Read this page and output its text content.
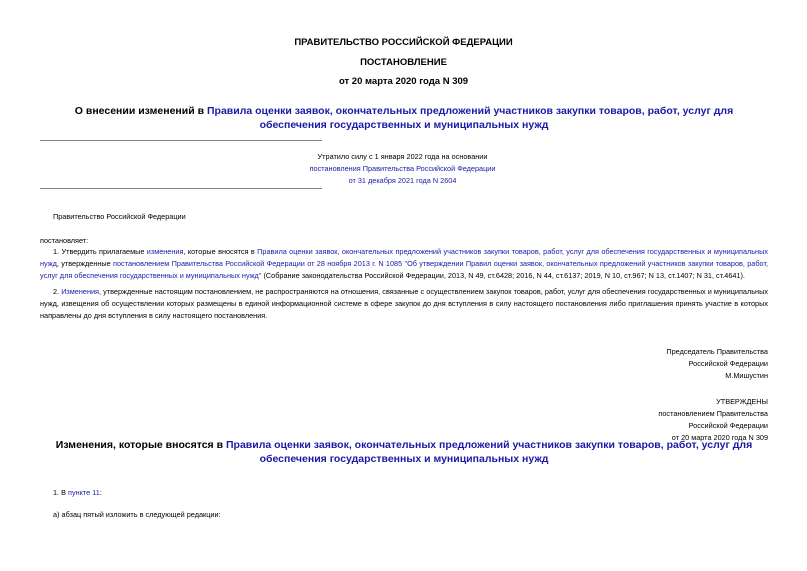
ПРАВИТЕЛЬСТВО РОССИЙСКОЙ ФЕДЕРАЦИИ
ПОСТАНОВЛЕНИЕ
от 20 марта 2020 года N 309
О внесении изменений в Правила оценки заявок, окончательных предложений участников закупки товаров, работ, услуг для обеспечения государственных и муниципальных нужд
Утратило силу с 1 января 2022 года на основании
постановления Правительства Российской Федерации
от 31 декабря 2021 года N 2604
Правительство Российской Федерации
постановляет:
1. Утвердить прилагаемые изменения, которые вносятся в Правила оценки заявок, окончательных предложений участников закупки товаров, работ, услуг для обеспечения государственных и муниципальных нужд, утвержденные постановлением Правительства Российской Федерации от 28 ноября 2013 г. N 1085 "Об утверждении Правил оценки заявок, окончательных предложений участников закупки товаров, работ, услуг для обеспечения государственных и муниципальных нужд" (Собрание законодательства Российской Федерации, 2013, N 49, ст.6428; 2016, N 44, ст.6137; 2019, N 10, ст.967; N 13, ст.1407; N 31, ст.4641).
2. Изменения, утвержденные настоящим постановлением, не распространяются на отношения, связанные с осуществлением закупок товаров, работ, услуг для обеспечения государственных и муниципальных нужд, извещения об осуществлении которых размещены в единой информационной системе в сфере закупок до дня вступления в силу настоящего постановления либо приглашения принять участие в которых направлены до дня вступления в силу настоящего постановления.
Председатель Правительства
Российской Федерации
М.Мишустин
УТВЕРЖДЕНЫ
постановлением Правительства
Российской Федерации
от 20 марта 2020 года N 309
Изменения, которые вносятся в Правила оценки заявок, окончательных предложений участников закупки товаров, работ, услуг для обеспечения государственных и муниципальных нужд
1. В пункте 11:
а) абзац пятый изложить в следующей редакции:
